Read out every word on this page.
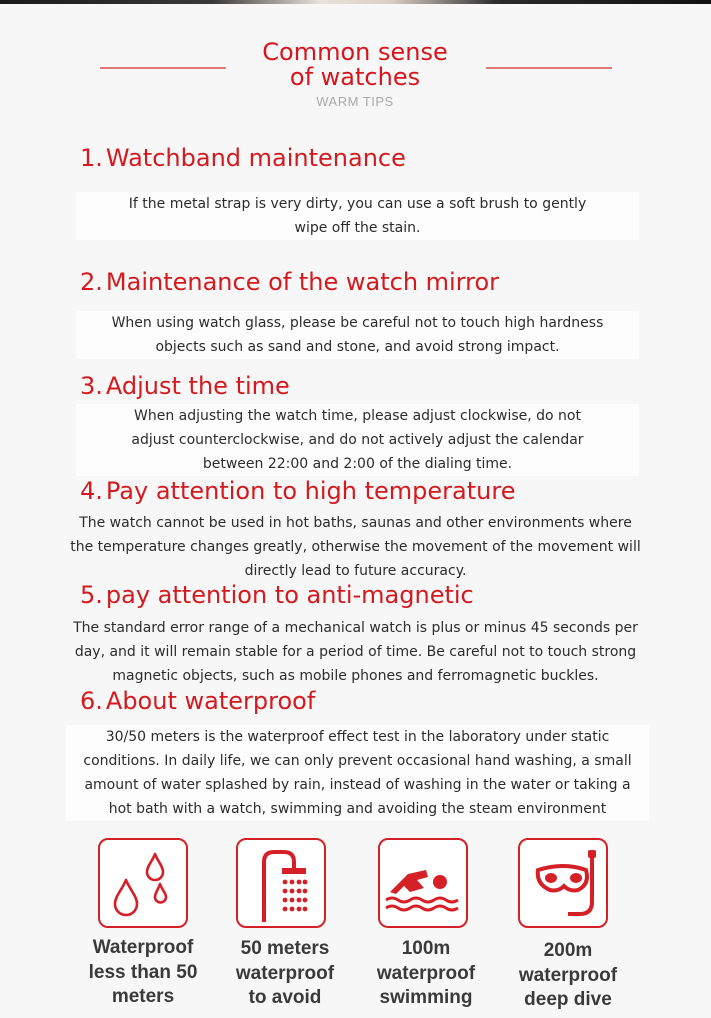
Common sense
of watches
WARM TIPS
1. Watchband maintenance
If the metal strap is very dirty, you can use a soft brush to gently
wipe off the stain.
2. Maintenance of the watch mirror
When using watch glass, please be careful not to touch high hardness
objects such as sand and stone, and avoid strong impact.
3. Adjust the time
When adjusting the watch time, please adjust clockwise, do not
adjust counterclockwise, and do not actively adjust the calendar
between 22:00 and 2:00 of the dialing time.
4. Pay attention to high temperature
The watch cannot be used in hot baths, saunas and other environments where
the temperature changes greatly, otherwise the movement of the movement will
directly lead to future accuracy.
5. pay attention to anti-magnetic
The standard error range of a mechanical watch is plus or minus 45 seconds per
day, and it will remain stable for a period of time. Be careful not to touch strong
magnetic objects, such as mobile phones and ferromagnetic buckles.
6. About waterproof
30/50 meters is the waterproof effect test in the laboratory under static
conditions. In daily life, we can only prevent occasional hand washing, a small
amount of water splashed by rain, instead of washing in the water or taking a
hot bath with a watch, swimming and avoiding the steam environment
Waterproof
less than 50
meters
50 meters
waterproof
to avoid
100m
waterproof
swimming
200m
waterproof
deep dive
